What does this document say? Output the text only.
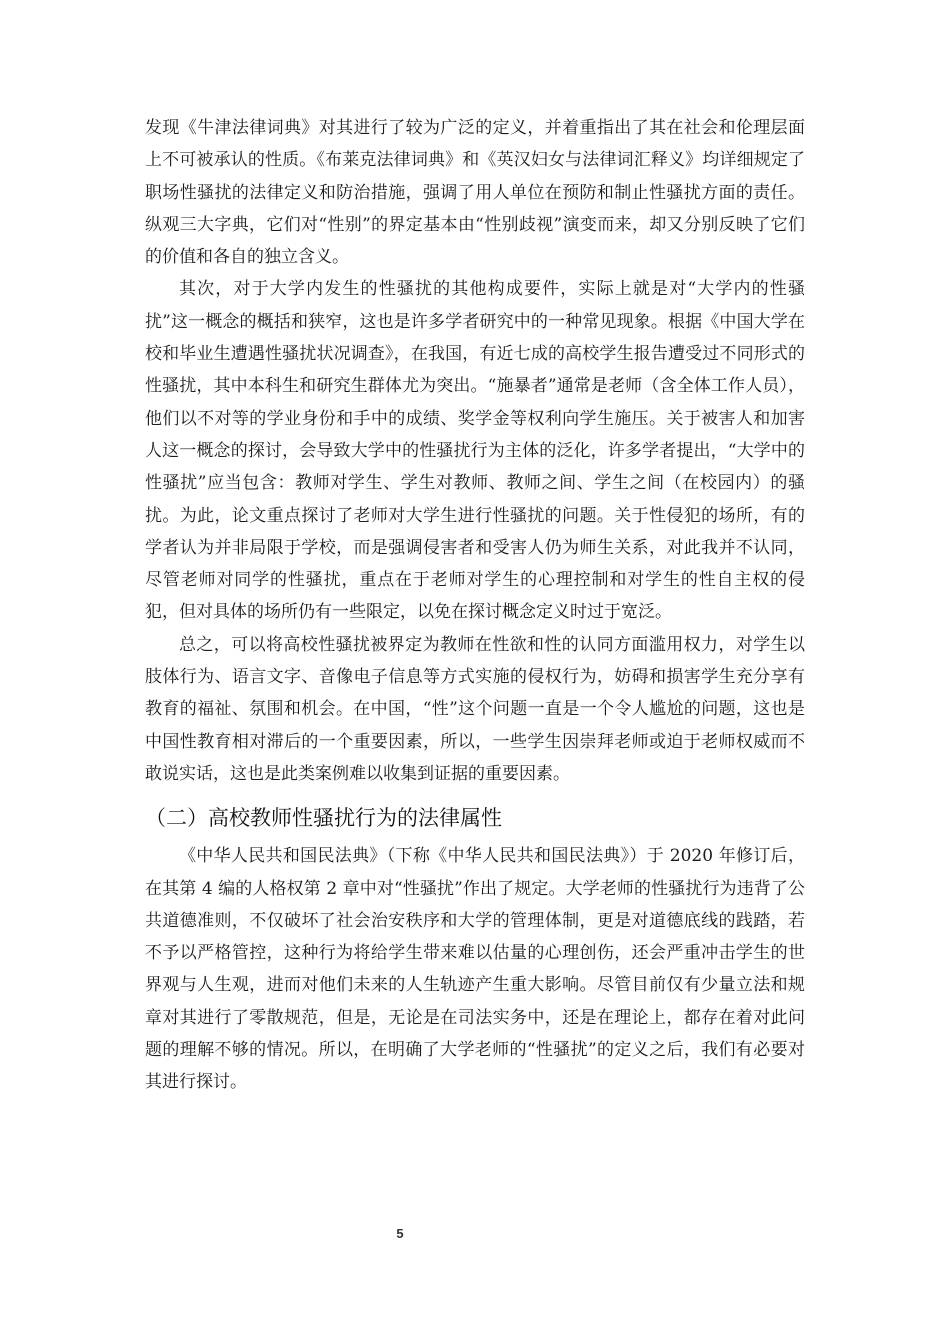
发现《牛津法律词典》对其进行了较为广泛的定义，并着重指出了其在社会和伦理层面上不可被承认的性质。《布莱克法律词典》和《英汉妇女与法律词汇释义》均详细规定了职场性骚扰的法律定义和防治措施，强调了用人单位在预防和制止性骚扰方面的责任。纵观三大字典，它们对“性别”的界定基本由“性别歧视”演变而来，却又分别反映了它们的价值和各自的独立含义。

其次，对于大学内发生的性骚扰的其他构成要件，实际上就是对“大学内的性骚扰”这一概念的概括和狭窄，这也是许多学者研究中的一种常见现象。根据《中国大学在校和毕业生遭遇性骚扰状况调查》，在我国，有近七成的高校学生报告遭受过不同形式的性骚扰，其中本科生和研究生群体尤为突出。“施暴者”通常是老师（含全体工作人员），他们以不对等的学业身份和手中的成绩、奖学金等权利向学生施压。关于被害人和加害人这一概念的探讨，会导致大学中的性骚扰行为主体的泛化，许多学者提出，“大学中的性骚扰”应当包含：教师对学生、学生对教师、教师之间、学生之间（在校园内）的骚扰。为此，论文重点探讨了老师对大学生进行性骚扰的问题。关于性侵犯的场所，有的学者认为并非局限于学校，而是强调侵害者和受害人仍为师生关系，对此我并不认同，尽管老师对同学的性骚扰，重点在于老师对学生的心理控制和对学生的性自主权的侵犯，但对具体的场所仍有一些限定，以免在探讨概念定义时过于宽泛。

总之，可以将高校性骚扰被界定为教师在性欲和性的认同方面滥用权力，对学生以肢体行为、语言文字、音像电子信息等方式实施的侵权行为，妨碍和损害学生充分享有教育的福祉、氛围和机会。在中国，“性”这个问题一直是一个令人尴尬的问题，这也是中国性教育相对滞后的一个重要因素，所以，一些学生因崇拜老师或迫于老师权威而不敢说实话，这也是此类案例难以收集到证据的重要因素。

（二）高校教师性骚扰行为的法律属性

《中华人民共和国民法典》（下称《中华人民共和国民法典》）于 2020 年修订后，在其第 4 编的人格权第 2 章中对“性骚扰”作出了规定。大学老师的性骚扰行为违背了公共道德准则，不仅破坏了社会治安秩序和大学的管理体制，更是对道德底线的践踏，若不予以严格管控，这种行为将给学生带来难以估量的心理创伤，还会严重冲击学生的世界观与人生观，进而对他们未来的人生轨迹产生重大影响。尽管目前仅有少量立法和规章对其进行了零散规范，但是，无论是在司法实务中，还是在理论上，都存在着对此问题的理解不够的情况。所以，在明确了大学老师的“性骚扰”的定义之后，我们有必要对其进行探讨。

5
